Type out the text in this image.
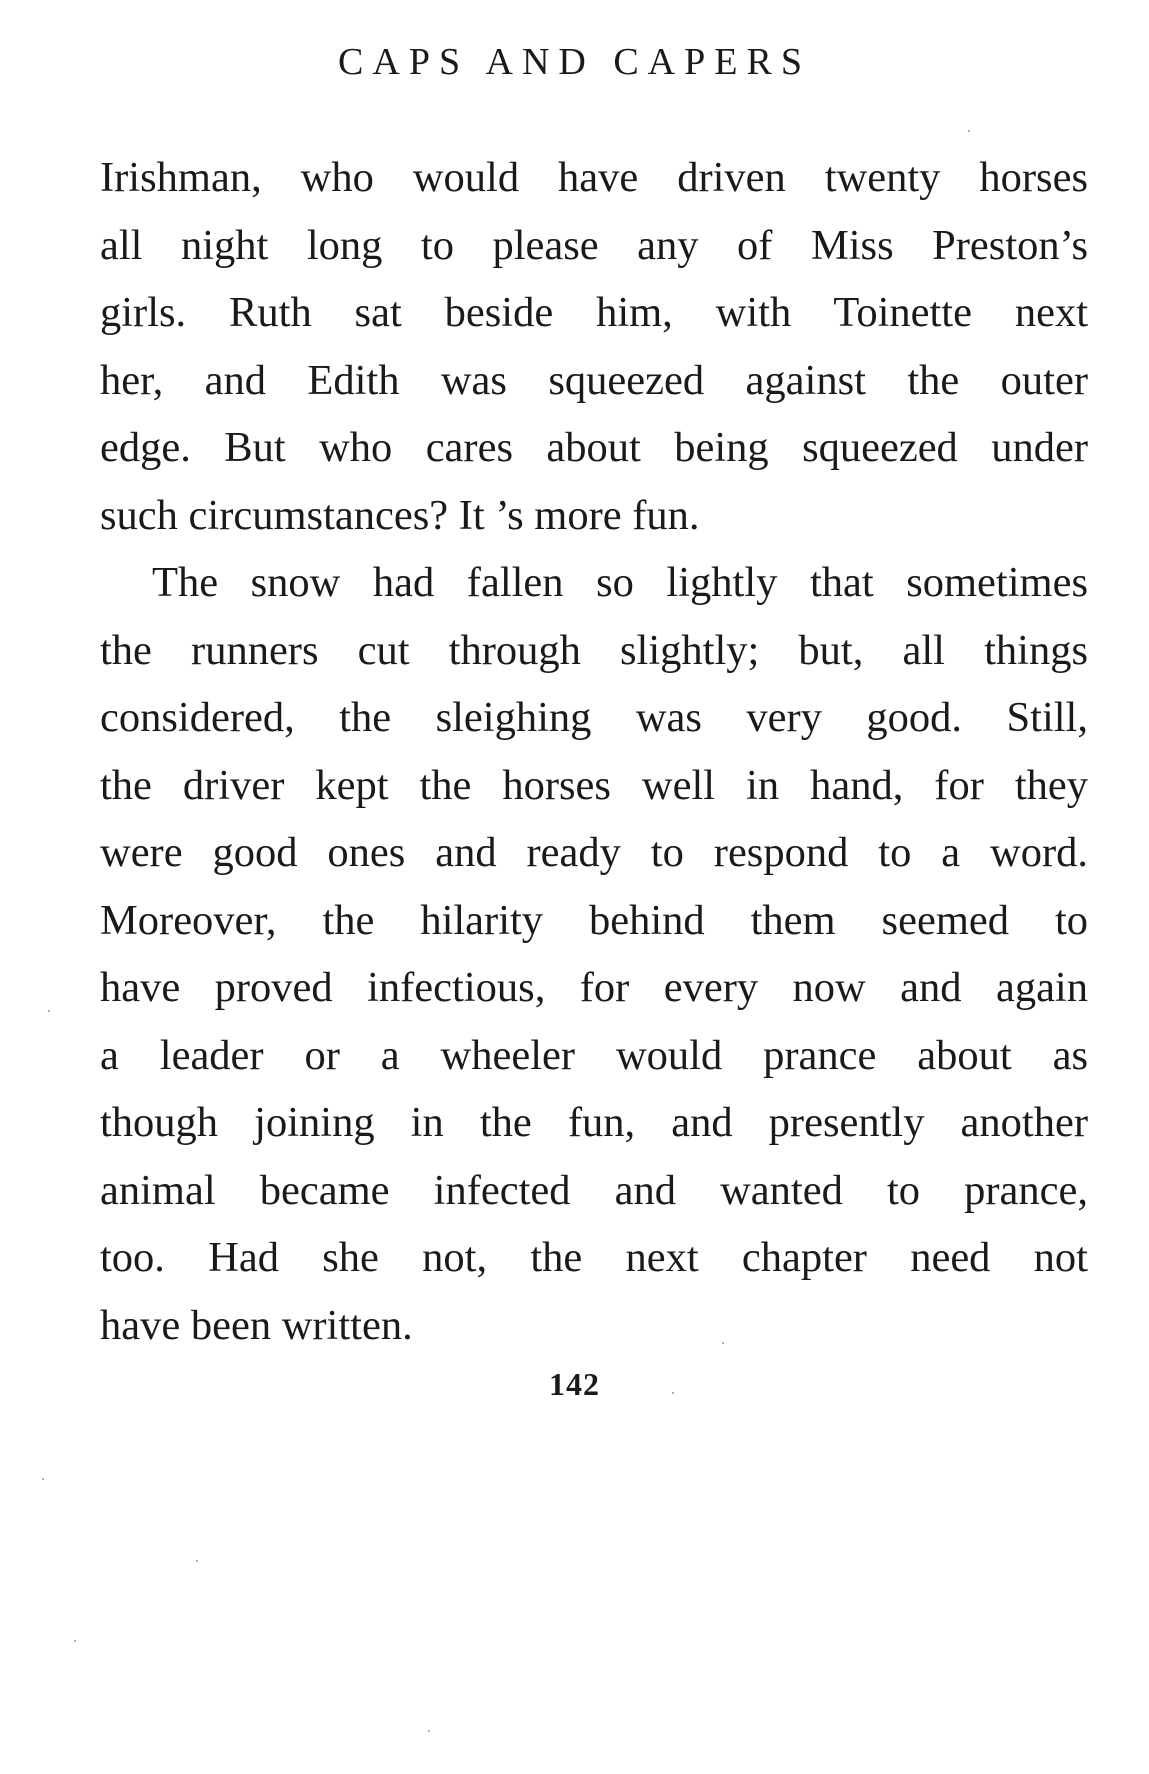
CAPS AND CAPERS
Irishman, who would have driven twenty horses
all night long to please any of Miss Preston’s
girls. Ruth sat beside him, with Toinette next
her, and Edith was squeezed against the outer
edge. But who cares about being squeezed under
such circumstances? It ’s more fun.
The snow had fallen so lightly that sometimes
the runners cut through slightly; but, all things
considered, the sleighing was very good. Still,
the driver kept the horses well in hand, for they
were good ones and ready to respond to a word.
Moreover, the hilarity behind them seemed to
have proved infectious, for every now and again
a leader or a wheeler would prance about as
though joining in the fun, and presently another
animal became infected and wanted to prance,
too. Had she not, the next chapter need not
have been written.
142
